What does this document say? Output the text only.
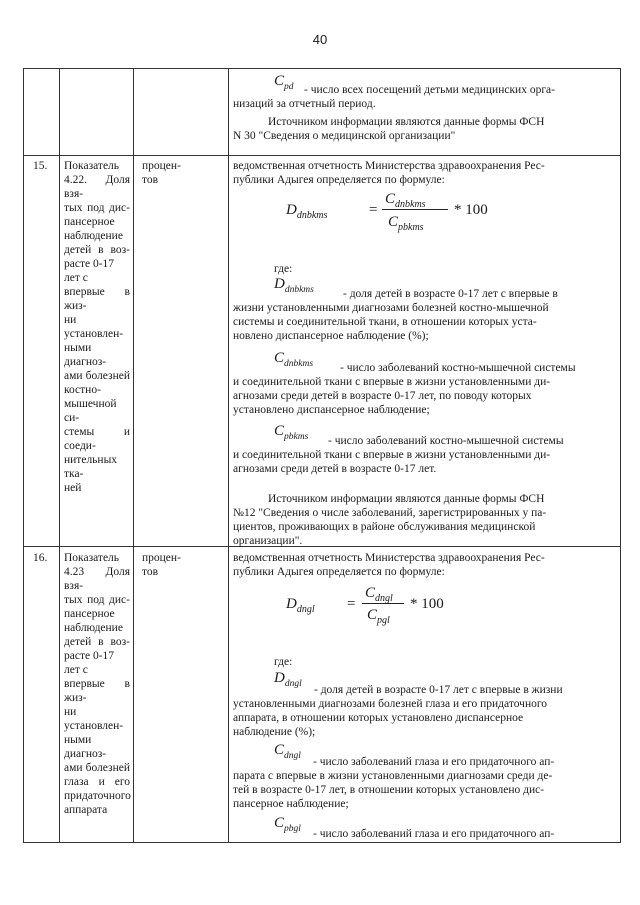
40
$C_{pd}$ - число всех посещений детьми медицинских орга-
низаций за отчетный период.
Источником информации являются данные формы ФСН
N 30 "Сведения о медицинской организации"
15. Показатель
4.22. Доля взя-
тых под дис-
пансерное
наблюдение
детей в воз-
расте 0-17 лет с
впервые в жиз-
ни установлен-
ными диагноз-
ами болезней
костно-
мышечной си-
стемы и соеди-
нительных тка-
ней
процен-
тов
ведомственная отчетность Министерства здравоохранения Рес-
публики Адыгея определяется по формуле:
$D_{dnbkms}$	=
$C_{dnbkms}$
$C_{pbkms}$
* 100
где:
$D_{dnbkms}$	- доля детей в возрасте 0-17 лет с впервые в
жизни установленными диагнозами болезней костно-мышечной
системы и соединительной ткани, в отношении которых уста-
новлено диспансерное наблюдение (%);
$C_{dnbkms}$ - число заболеваний костно-мышечной системы
и соединительной ткани с впервые в жизни установленными ди-
агнозами среди детей в возрасте 0-17 лет, по поводу которых
установлено диспансерное наблюдение;
$C_{pbkms}$ - число заболеваний костно-мышечной системы
и соединительной ткани с впервые в жизни установленными ди-
агнозами среди детей в возрасте 0-17 лет.
Источником информации являются данные формы ФСН
№12 "Сведения о числе заболеваний, зарегистрированных у па-
циентов, проживающих в районе обслуживания медицинской
организации".
16. Показатель
4.23 Доля взя-
тых под дис-
пансерное
наблюдение
детей в воз-
расте 0-17 лет с
впервые в жиз-
ни установлен-
ными диагноз-
ами болезней
глаза и его
придаточного
аппарата
процен-
тов
ведомственная отчетность Министерства здравоохранения Рес-
публики Адыгея определяется по формуле:
$D_{dngl}$ =
$C_{dngl}$
$C_{pgl}$
* 100
где:
$D_{dngl}$ - доля детей в возрасте 0-17 лет с впервые в жизни
установленными диагнозами болезней глаза и его придаточного
аппарата, в отношении которых установлено диспансерное
наблюдение (%);
$C_{dngl}$ - число заболеваний глаза и его придаточного ап-
парата с впервые в жизни установленными диагнозами среди де-
тей в возрасте 0-17 лет, в отношении которых установлено дис-
пансерное наблюдение;
$C_{pbgl}$ - число заболеваний глаза и его придаточного ап-
